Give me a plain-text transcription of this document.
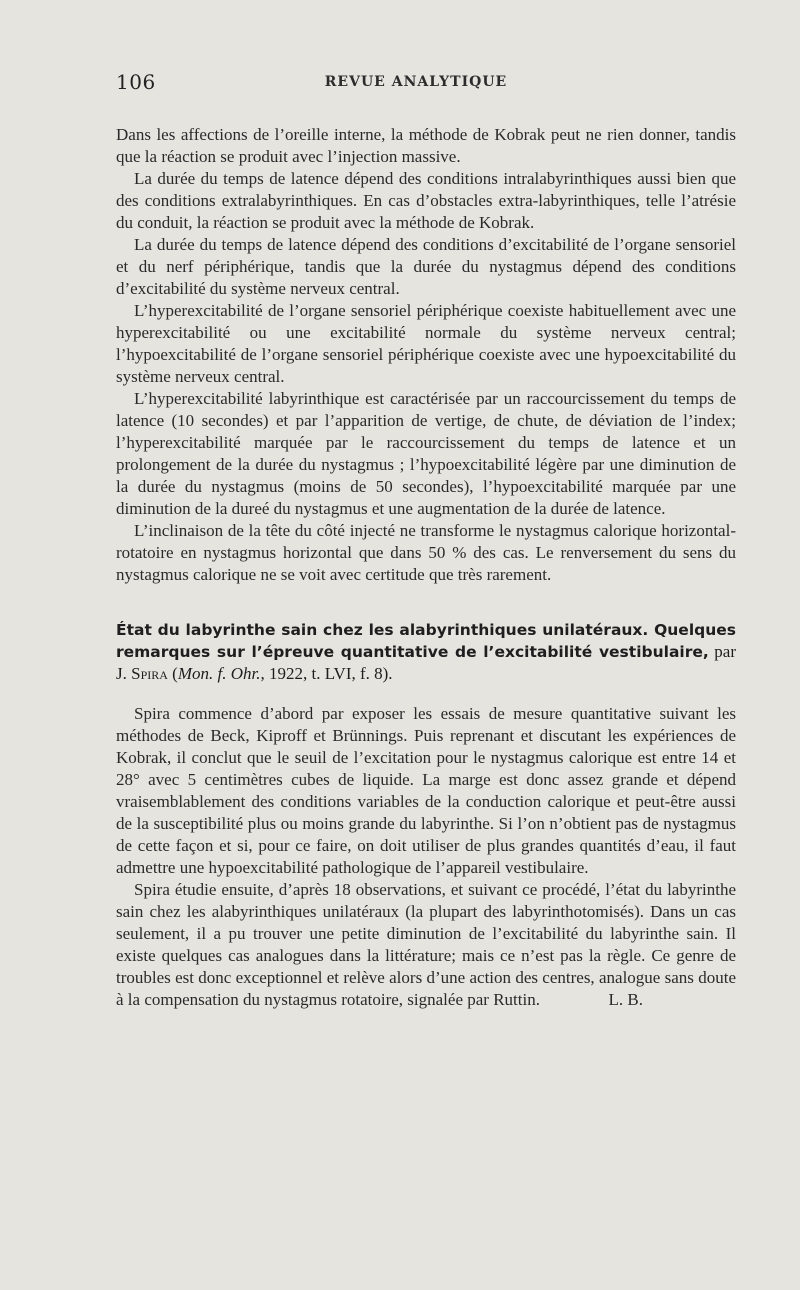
106	REVUE ANALYTIQUE

Dans les affections de l’oreille interne, la méthode de Kobrak peut ne rien donner, tandis que la réaction se produit avec l’injection massive.

La durée du temps de latence dépend des conditions intralabyrinthiques aussi bien que des conditions extralabyrinthiques. En cas d’obstacles extra-labyrinthiques, telle l’atrésie du conduit, la réaction se produit avec la méthode de Kobrak.

La durée du temps de latence dépend des conditions d’excitabilité de l’organe sensoriel et du nerf périphérique, tandis que la durée du nystagmus dépend des conditions d’excitabilité du système nerveux central.

L’hyperexcitabilité de l’organe sensoriel périphérique coexiste habituellement avec une hyperexcitabilité ou une excitabilité normale du système nerveux central; l’hypoexcitabilité de l’organe sensoriel périphérique coexiste avec une hypoexcitabilité du système nerveux central.

L’hyperexcitabilité labyrinthique est caractérisée par un raccourcissement du temps de latence (10 secondes) et par l’apparition de vertige, de chute, de déviation de l’index; l’hyperexcitabilité marquée par le raccourcissement du temps de latence et un prolongement de la durée du nystagmus ; l’hypoexcitabilité légère par une diminution de la durée du nystagmus (moins de 50 secondes), l’hypoexcitabilité marquée par une diminution de la dureé du nystagmus et une augmentation de la durée de latence.

L’inclinaison de la tête du côté injecté ne transforme le nystagmus calorique horizontal-rotatoire en nystagmus horizontal que dans 50 % des cas. Le renversement du sens du nystagmus calorique ne se voit avec certitude que très rarement.

État du labyrinthe sain chez les alabyrinthiques unilatéraux. Quelques remarques sur l’épreuve quantitative de l’excitabilité vestibulaire, par J. Spira (Mon. f. Ohr., 1922, t. LVI, f. 8).

Spira commence d’abord par exposer les essais de mesure quantitative suivant les méthodes de Beck, Kiproff et Brünnings. Puis reprenant et discutant les expériences de Kobrak, il conclut que le seuil de l’excitation pour le nystagmus calorique est entre 14 et 28° avec 5 centimètres cubes de liquide. La marge est donc assez grande et dépend vraisemblablement des conditions variables de la conduction calorique et peut-être aussi de la susceptibilité plus ou moins grande du labyrinthe. Si l’on n’obtient pas de nystagmus de cette façon et si, pour ce faire, on doit utiliser de plus grandes quantités d’eau, il faut admettre une hypoexcitabilité pathologique de l’appareil vestibulaire.

Spira étudie ensuite, d’après 18 observations, et suivant ce procédé, l’état du labyrinthe sain chez les alabyrinthiques unilatéraux (la plupart des labyrinthotomisés). Dans un cas seulement, il a pu trouver une petite diminution de l’excitabilité du labyrinthe sain. Il existe quelques cas analogues dans la littérature; mais ce n’est pas la règle. Ce genre de troubles est donc exceptionnel et relève alors d’une action des centres, analogue sans doute à la compensation du nystagmus rotatoire, signalée par Ruttin.	L. B.
